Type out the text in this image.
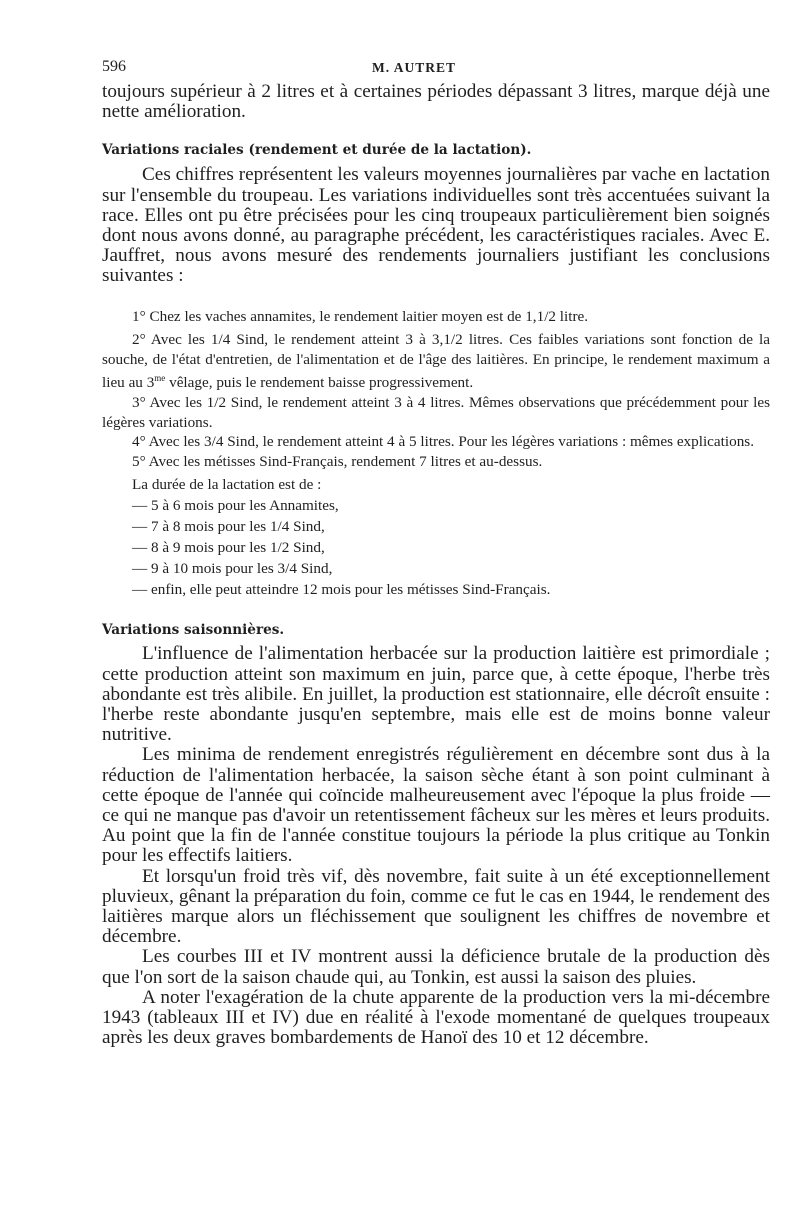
596	M. AUTRET

toujours supérieur à 2 litres et à certaines périodes dépassant 3 litres, marque déjà une nette amélioration.

Variations raciales (rendement et durée de la lactation).

Ces chiffres représentent les valeurs moyennes journalières par vache en lactation sur l'ensemble du troupeau. Les variations individuelles sont très accentuées suivant la race. Elles ont pu être précisées pour les cinq troupeaux particulièrement bien soignés dont nous avons donné, au paragraphe précédent, les caractéristiques raciales. Avec E. Jauffret, nous avons mesuré des rendements journaliers justifiant les conclusions suivantes :

1° Chez les vaches annamites, le rendement laitier moyen est de 1,1/2 litre.

2° Avec les 1/4 Sind, le rendement atteint 3 à 3,1/2 litres. Ces faibles variations sont fonction de la souche, de l'état d'entretien, de l'alimentation et de l'âge des laitières. En principe, le rendement maximum a lieu au $3^{me}$ vêlage, puis le rendement baisse progressivement.

3° Avec les 1/2 Sind, le rendement atteint 3 à 4 litres. Mêmes observations que précédemment pour les légères variations.

4° Avec les 3/4 Sind, le rendement atteint 4 à 5 litres. Pour les légères variations : mêmes explications.

5° Avec les métisses Sind-Français, rendement 7 litres et au-dessus.

La durée de la lactation est de :

— 5 à 6 mois pour les Annamites,
— 7 à 8 mois pour les 1/4 Sind,
— 8 à 9 mois pour les 1/2 Sind,
— 9 à 10 mois pour les 3/4 Sind,
— enfin, elle peut atteindre 12 mois pour les métisses Sind-Français.

Variations saisonnières.

L'influence de l'alimentation herbacée sur la production laitière est primordiale ; cette production atteint son maximum en juin, parce que, à cette époque, l'herbe très abondante est très alibile. En juillet, la production est stationnaire, elle décroît ensuite : l'herbe reste abondante jusqu'en septembre, mais elle est de moins bonne valeur nutritive.

Les minima de rendement enregistrés régulièrement en décembre sont dus à la réduction de l'alimentation herbacée, la saison sèche étant à son point culminant à cette époque de l'année qui coïncide malheureusement avec l'époque la plus froide — ce qui ne manque pas d'avoir un retentissement fâcheux sur les mères et leurs produits. Au point que la fin de l'année constitue toujours la période la plus critique au Tonkin pour les effectifs laitiers.

Et lorsqu'un froid très vif, dès novembre, fait suite à un été exceptionnellement pluvieux, gênant la préparation du foin, comme ce fut le cas en 1944, le rendement des laitières marque alors un fléchissement que soulignent les chiffres de novembre et décembre.

Les courbes III et IV montrent aussi la déficience brutale de la production dès que l'on sort de la saison chaude qui, au Tonkin, est aussi la saison des pluies.

A noter l'exagération de la chute apparente de la production vers la mi-décembre 1943 (tableaux III et IV) due en réalité à l'exode momentané de quelques troupeaux après les deux graves bombardements de Hanoï des 10 et 12 décembre.
